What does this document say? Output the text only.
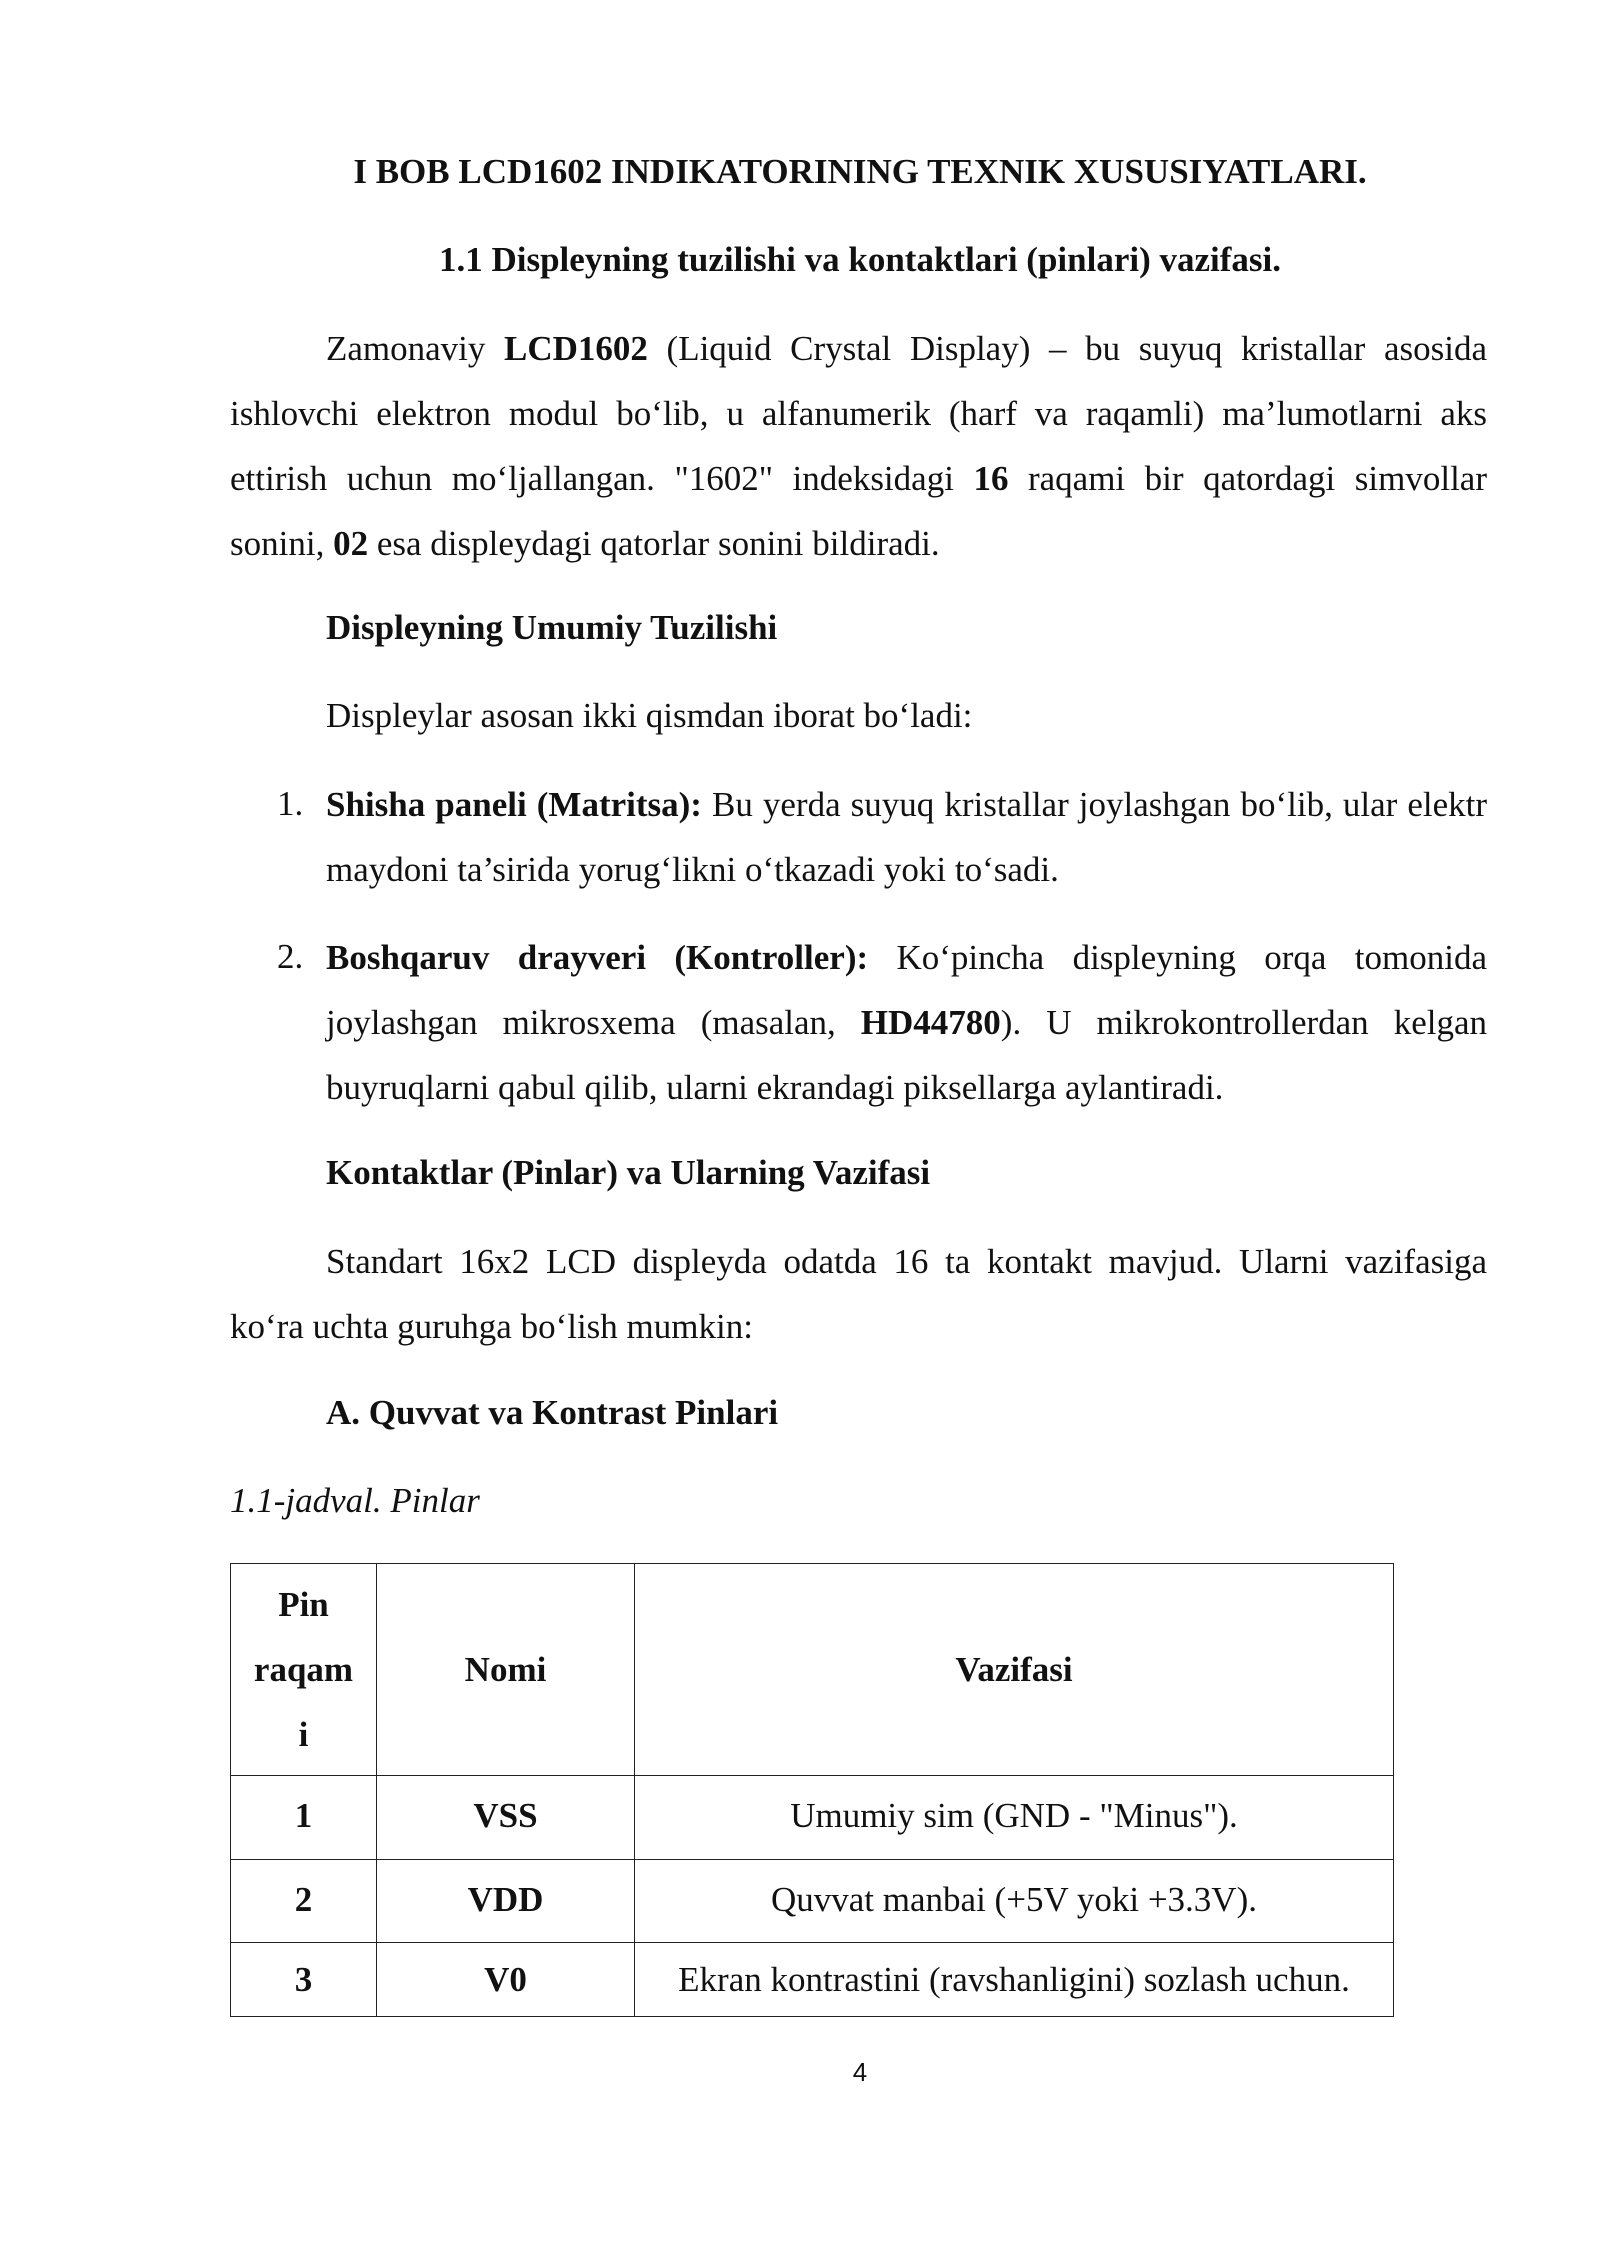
I BOB LCD1602 INDIKATORINING TEXNIK XUSUSIYATLARI.

1.1 Displeyning tuzilishi va kontaktlari (pinlari) vazifasi.

Zamonaviy LCD1602 (Liquid Crystal Display) – bu suyuq kristallar asosida ishlovchi elektron modul bo‘lib, u alfanumerik (harf va raqamli) ma’lumotlarni aks ettirish uchun mo‘ljallangan. "1602" indeksidagi 16 raqami bir qatordagi simvollar sonini, 02 esa displeydagi qatorlar sonini bildiradi.

Displeyning Umumiy Tuzilishi

Displeylar asosan ikki qismdan iborat bo‘ladi:

1. Shisha paneli (Matritsa): Bu yerda suyuq kristallar joylashgan bo‘lib, ular elektr maydoni ta’sirida yorug‘likni o‘tkazadi yoki to‘sadi.

2. Boshqaruv drayveri (Kontroller): Ko‘pincha displeyning orqa tomonida joylashgan mikrosxema (masalan, HD44780). U mikrokontrollerdan kelgan buyruqlarni qabul qilib, ularni ekrandagi piksellarga aylantiradi.

Kontaktlar (Pinlar) va Ularning Vazifasi

Standart 16x2 LCD displeyda odatda 16 ta kontakt mavjud. Ularni vazifasiga ko‘ra uchta guruhga bo‘lish mumkin:

A. Quvvat va Kontrast Pinlari

1.1-jadval. Pinlar

Pin
raqam
i	Nomi	Vazifasi
1	VSS	Umumiy sim (GND - "Minus").
2	VDD	Quvvat manbai (+5V yoki +3.3V).
3	V0	Ekran kontrastini (ravshanligini) sozlash uchun.

4
